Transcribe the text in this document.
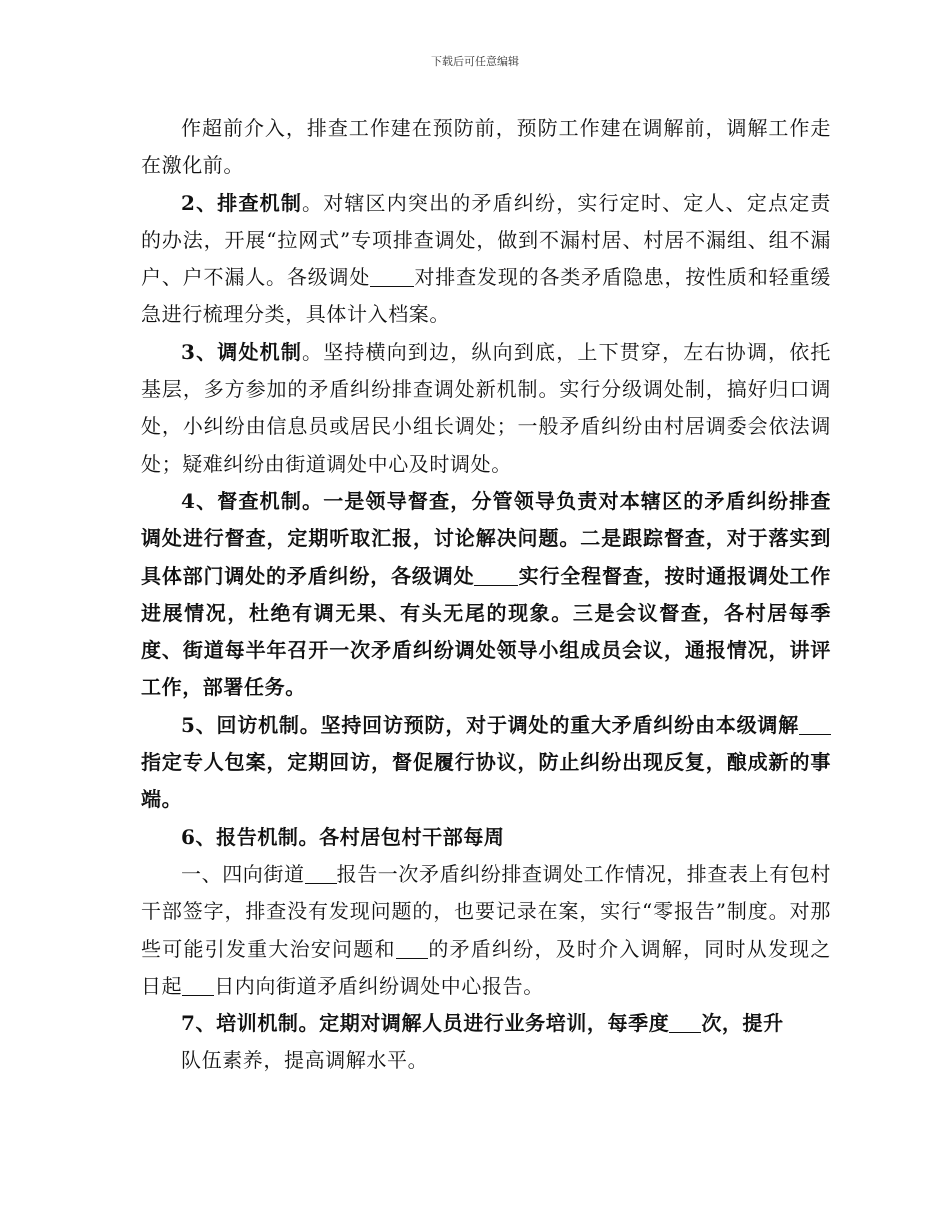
下载后可任意编辑

作超前介入，排查工作建在预防前，预防工作建在调解前，调解工作走在激化前。

2、排查机制。对辖区内突出的矛盾纠纷，实行定时、定人、定点定责的办法，开展“拉网式”专项排查调处，做到不漏村居、村居不漏组、组不漏户、户不漏人。各级调处 对排查发现的各类矛盾隐患，按性质和轻重缓急进行梳理分类，具体计入档案。

3、调处机制。坚持横向到边，纵向到底，上下贯穿，左右协调，依托基层，多方参加的矛盾纠纷排查调处新机制。实行分级调处制，搞好归口调处，小纠纷由信息员或居民小组长调处；一般矛盾纠纷由村居调委会依法调处；疑难纠纷由街道调处中心及时调处。

4、督查机制。一是领导督查，分管领导负责对本辖区的矛盾纠纷排查调处进行督查，定期听取汇报，讨论解决问题。二是跟踪督查，对于落实到具体部门调处的矛盾纠纷，各级调处 实行全程督查，按时通报调处工作进展情况，杜绝有调无果、有头无尾的现象。三是会议督查，各村居每季度、街道每半年召开一次矛盾纠纷调处领导小组成员会议，通报情况，讲评工作，部署任务。

5、回访机制。坚持回访预防，对于调处的重大矛盾纠纷由本级调解指定专人包案，定期回访，督促履行协议，防止纠纷出现反复，酿成新的事端。

6、报告机制。各村居包村干部每周

一、四向街道 报告一次矛盾纠纷排查调处工作情况，排查表上有包村干部签字，排查没有发现问题的，也要记录在案，实行“零报告”制度。对那些可能引发重大治安问题和 的矛盾纠纷，及时介入调解，同时从发现之日起 日内向街道矛盾纠纷调处中心报告。

7、培训机制。定期对调解人员进行业务培训，每季度 次，提升

队伍素养，提高调解水平。
